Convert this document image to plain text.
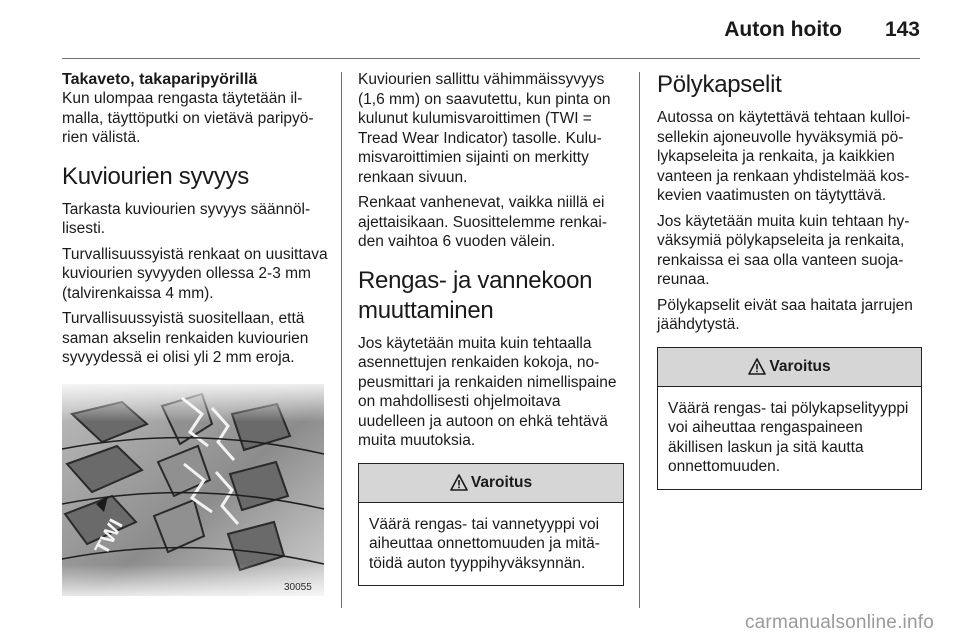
Auton hoito 143
Takaveto, takaparipyörillä

Kun ulompaa rengasta täytetään ilmalla, täyttöputki on vietävä paripyörien välistä.

Kuviourien syvyys

Tarkasta kuviourien syvyys säännöllisesti.

Turvallisuussyistä renkaat on uusittava kuviourien syvyyden ollessa 2-3 mm (talvirenkaissa 4 mm).

Turvallisuussyistä suositellaan, että saman akselin renkaiden kuviourien syvyydessä ei olisi yli 2 mm eroja.

30055

Kuviourien sallittu vähimmäissyvyys (1,6 mm) on saavutettu, kun pinta on kulunut kulumisvaroittimen (TWI = Tread Wear Indicator) tasolle. Kulumisvaroittimien sijainti on merkitty renkaan sivuun.

Renkaat vanhenevat, vaikka niillä ei ajettaisikaan. Suosittelemme renkaiden vaihtoa 6 vuoden välein.

Rengas- ja vannekoon muuttaminen

Jos käytetään muita kuin tehtaalla asennettujen renkaiden kokoja, nopeusmittari ja renkaiden nimellispaine on mahdollisesti ohjelmoitava uudelleen ja autoon on ehkä tehtävä muita muutoksia.

Varoitus
Väärä rengas- tai vannetyyppi voi aiheuttaa onnettomuuden ja mitätöidä auton tyyppihyväksynnän.
Pölykapselit

Autossa on käytettävä tehtaan kulloisellekin ajoneuvolle hyväksymiä pölykapseleita ja renkaita, ja kaikkien vanteen ja renkaan yhdistelmää koskevien vaatimusten on täytyttävä.

Jos käytetään muita kuin tehtaan hyväksymiä pölykapseleita ja renkaita, renkaissa ei saa olla vanteen suojareunaa.

Pölykapselit eivät saa haitata jarrujen jäähdytystä.

Varoitus
Väärä rengas- tai pölykapselityyppi voi aiheuttaa rengaspaineen äkillisen laskun ja sitä kautta onnettomuuden.
carmanualsonline.info
